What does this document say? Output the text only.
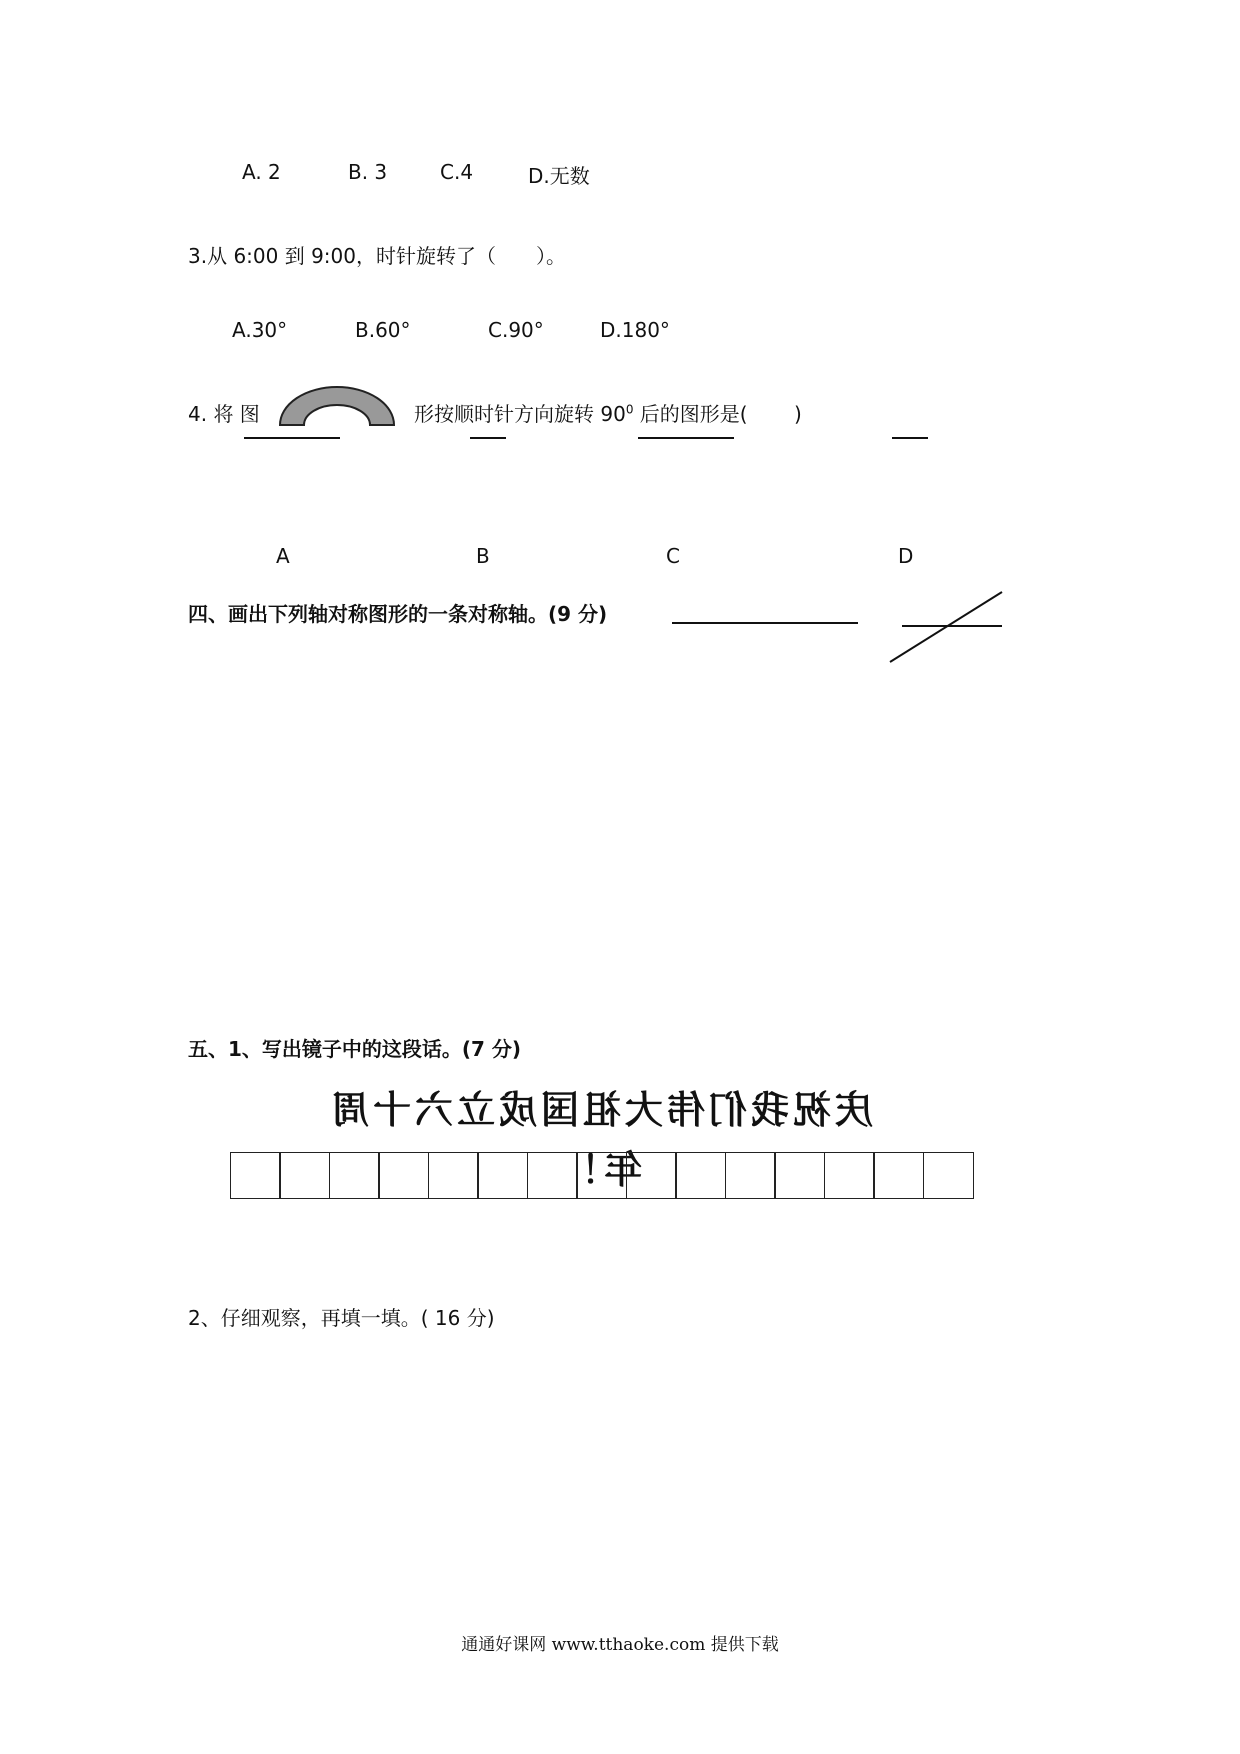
A. 2	B. 3	C.4	D.无数
3.从 6:00 到 9:00，时针旋转了（　　）。
A.30°	B.60°	C.90°	D.180°
4. 将 图	形按顺时针方向旋转 $90^0$ 后的图形是(　　 )
A	B	C	D
四、画出下列轴对称图形的一条对称轴。(9 分)
五、1、写出镜子中的这段话。(7 分)
庆祝我们伟大祖国成立六十周年！
2、仔细观察，再填一填。( 16 分)
通通好课网 www.tthaoke.com 提供下载
